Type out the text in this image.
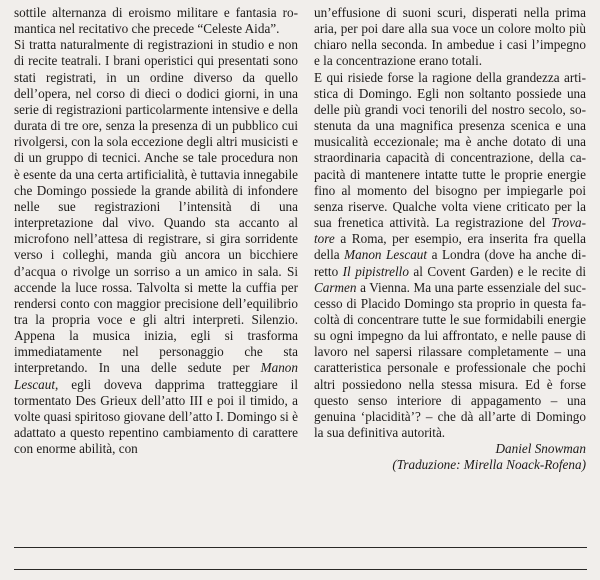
sottile alternanza di eroismo militare e fantasia romantica nel recitativo che precede “Celeste Aida”.

Si tratta naturalmente di registrazioni in studio e non di recite teatrali. I brani operistici qui presentati sono stati registrati, in un ordine diverso da quello dell’opera, nel corso di dieci o dodici giorni, in una serie di registrazioni particolarmente intensive e della durata di tre ore, senza la presenza di un pubblico cui rivolgersi, con la sola eccezione degli altri musicisti e di un gruppo di tecnici. Anche se tale procedura non è esente da una certa artificialità, è tuttavia innegabile che Domingo possiede la grande abilità di infondere nelle sue registrazioni l’intensità di una interpretazione dal vivo. Quando sta accanto al microfono nell’attesa di registrare, si gira sorridente verso i colleghi, manda giù ancora un bicchiere d’acqua o rivolge un sorriso a un amico in sala. Si accende la luce rossa. Talvolta si mette la cuffia per rendersi conto con maggior precisione dell’equilibrio tra la propria voce e gli altri interpreti. Silenzio. Appena la musica inizia, egli si trasforma immediatamente nel personaggio che sta interpretando. In una delle sedute per Manon Lescaut, egli doveva dapprima tratteggiare il tormentato Des Grieux dell’atto III e poi il timido, a volte quasi spiritoso giovane dell’atto I. Domingo si è adattato a questo repentino cambiamento di carattere con enorme abilità, con

un’effusione di suoni scuri, disperati nella prima aria, per poi dare alla sua voce un colore molto più chiaro nella seconda. In ambedue i casi l’impegno e la concentrazione erano totali.

E qui risiede forse la ragione della grandezza artistica di Domingo. Egli non soltanto possiede una delle più grandi voci tenorili del nostro secolo, sostenuta da una magnifica presenza scenica e una musicalità eccezionale; ma è anche dotato di una straordinaria capacità di concentrazione, della capacità di mantenere intatte tutte le proprie energie fino al momento del bisogno per impiegarle poi senza riserve. Qualche volta viene criticato per la sua frenetica attività. La registrazione del Trovatore a Roma, per esempio, era inserita fra quella della Manon Lescaut a Londra (dove ha anche diretto Il pipistrello al Covent Garden) e le recite di Carmen a Vienna. Ma una parte essenziale del successo di Placido Domingo sta proprio in questa facoltà di concentrare tutte le sue formidabili energie su ogni impegno da lui affrontato, e nelle pause di lavoro nel sapersi rilassare completamente – una caratteristica personale e professionale che pochi altri possiedono nella stessa misura. Ed è forse questo senso interiore di appagamento – una genuina ‘placidità’? – che dà all’arte di Domingo la sua definitiva autorità.

Daniel Snowman

(Traduzione: Mirella Noack-Rofena)
